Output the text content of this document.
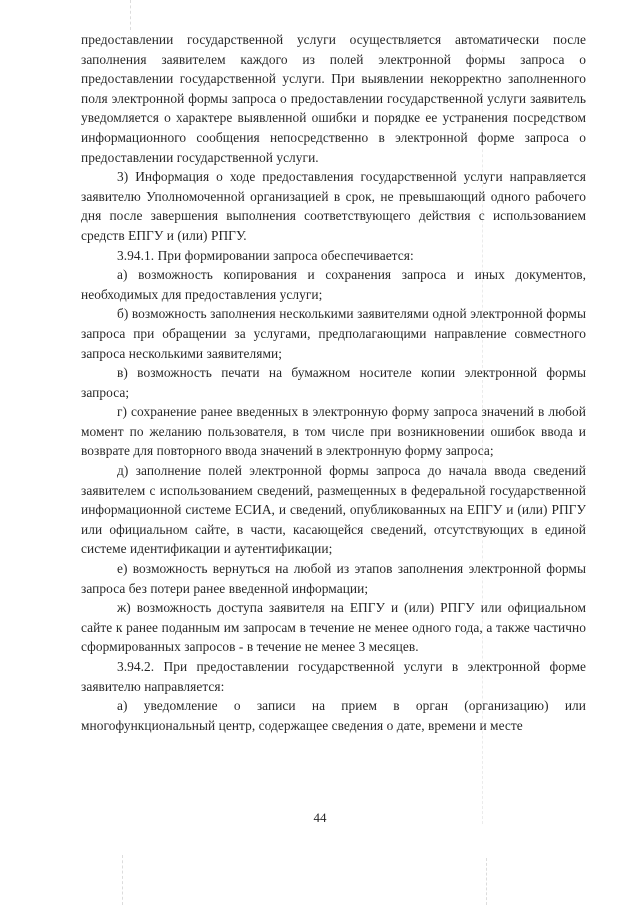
предоставлении государственной услуги осуществляется автоматически после заполнения заявителем каждого из полей электронной формы запроса о предоставлении государственной услуги. При выявлении некорректно заполненного поля электронной формы запроса о предоставлении государственной услуги заявитель уведомляется о характере выявленной ошибки и порядке ее устранения посредством информационного сообщения непосредственно в электронной форме запроса о предоставлении государственной услуги.

3) Информация о ходе предоставления государственной услуги направляется заявителю Уполномоченной организацией в срок, не превышающий одного рабочего дня после завершения выполнения соответствующего действия с использованием средств ЕПГУ и (или) РПГУ.

3.94.1. При формировании запроса обеспечивается:

а) возможность копирования и сохранения запроса и иных документов, необходимых для предоставления услуги;

б) возможность заполнения несколькими заявителями одной электронной формы запроса при обращении за услугами, предполагающими направление совместного запроса несколькими заявителями;

в) возможность печати на бумажном носителе копии электронной формы запроса;

г) сохранение ранее введенных в электронную форму запроса значений в любой момент по желанию пользователя, в том числе при возникновении ошибок ввода и возврате для повторного ввода значений в электронную форму запроса;

д) заполнение полей электронной формы запроса до начала ввода сведений заявителем с использованием сведений, размещенных в федеральной государственной информационной системе ЕСИА, и сведений, опубликованных на ЕПГУ и (или) РПГУ или официальном сайте, в части, касающейся сведений, отсутствующих в единой системе идентификации и аутентификации;

е) возможность вернуться на любой из этапов заполнения электронной формы запроса без потери ранее введенной информации;

ж) возможность доступа заявителя на ЕПГУ и (или) РПГУ или официальном сайте к ранее поданным им запросам в течение не менее одного года, а также частично сформированных запросов - в течение не менее 3 месяцев.

3.94.2. При предоставлении государственной услуги в электронной форме заявителю направляется:

а) уведомление о записи на прием в орган (организацию) или многофункциональный центр, содержащее сведения о дате, времени и месте

44
